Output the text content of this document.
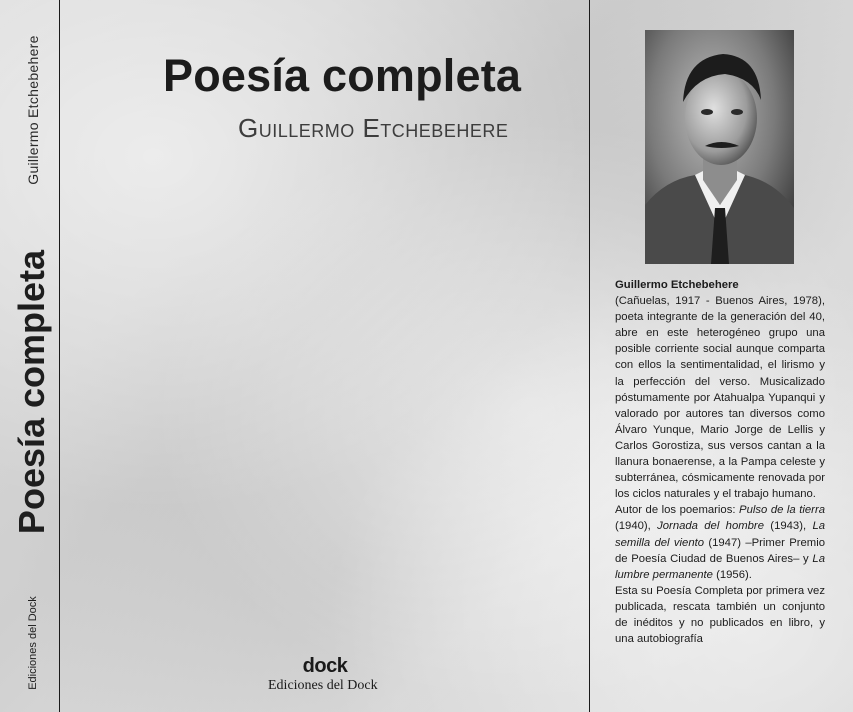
Guillermo Etchebehere
Poesía completa
Ediciones del Dock
Poesía completa
Guillermo Etchebehere
dock
Ediciones del Dock
Guillermo Etchebehere

(Cañuelas, 1917 - Buenos Aires, 1978), poeta integrante de la generación del 40, abre en este heterogéneo grupo una posible corriente social aunque comparta con ellos la sentimentalidad, el lirismo y la perfección del verso. Musicalizado póstumamente por Atahualpa Yupanqui y valorado por autores tan diversos como Álvaro Yunque, Mario Jorge de Lellis y Carlos Gorostiza, sus versos cantan a la llanura bonaerense, a la Pampa celeste y subterránea, cósmicamente renovada por los ciclos naturales y el trabajo humano.

Autor de los poemarios: Pulso de la tierra (1940), Jornada del hombre (1943), La semilla del viento (1947) –Primer Premio de Poesía Ciudad de Buenos Aires– y La lumbre permanente (1956).

Esta su Poesía Completa por primera vez publicada, rescata también un conjunto de inéditos y no publicados en libro, y una autobiografía
